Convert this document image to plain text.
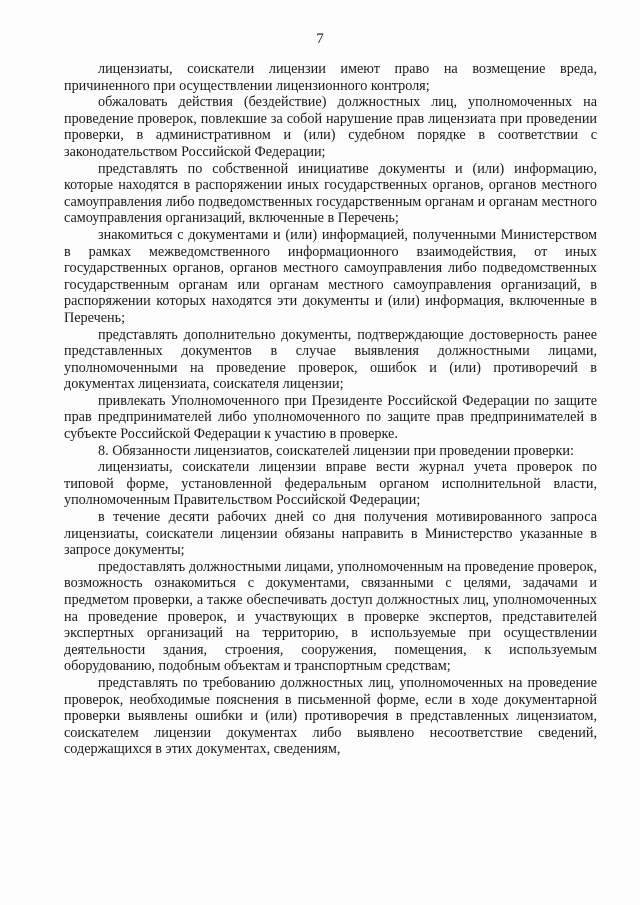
7

лицензиаты, соискатели лицензии имеют право на возмещение вреда, причиненного при осуществлении лицензионного контроля;

обжаловать действия (бездействие) должностных лиц, уполномоченных на проведение проверок, повлекшие за собой нарушение прав лицензиата при проведении проверки, в административном и (или) судебном порядке в соответствии с законодательством Российской Федерации;

представлять по собственной инициативе документы и (или) информацию, которые находятся в распоряжении иных государственных органов, органов местного самоуправления либо подведомственных государственным органам и органам местного самоуправления организаций, включенные в Перечень;

знакомиться с документами и (или) информацией, полученными Министерством в рамках межведомственного информационного взаимодействия, от иных государственных органов, органов местного самоуправления либо подведомственных государственным органам или органам местного самоуправления организаций, в распоряжении которых находятся эти документы и (или) информация, включенные в Перечень;

представлять дополнительно документы, подтверждающие достоверность ранее представленных документов в случае выявления должностными лицами, уполномоченными на проведение проверок, ошибок и (или) противоречий в документах лицензиата, соискателя лицензии;

привлекать Уполномоченного при Президенте Российской Федерации по защите прав предпринимателей либо уполномоченного по защите прав предпринимателей в субъекте Российской Федерации к участию в проверке.

8. Обязанности лицензиатов, соискателей лицензии при проведении проверки:

лицензиаты, соискатели лицензии вправе вести журнал учета проверок по типовой форме, установленной федеральным органом исполнительной власти, уполномоченным Правительством Российской Федерации;

в течение десяти рабочих дней со дня получения мотивированного запроса лицензиаты, соискатели лицензии обязаны направить в Министерство указанные в запросе документы;

предоставлять должностными лицами, уполномоченным на проведение проверок, возможность ознакомиться с документами, связанными с целями, задачами и предметом проверки, а также обеспечивать доступ должностных лиц, уполномоченных на проведение проверок, и участвующих в проверке экспертов, представителей экспертных организаций на территорию, в используемые при осуществлении деятельности здания, строения, сооружения, помещения, к используемым оборудованию, подобным объектам и транспортным средствам;

представлять по требованию должностных лиц, уполномоченных на проведение проверок, необходимые пояснения в письменной форме, если в ходе документарной проверки выявлены ошибки и (или) противоречия в представленных лицензиатом, соискателем лицензии документах либо выявлено несоответствие сведений, содержащихся в этих документах, сведениям,
